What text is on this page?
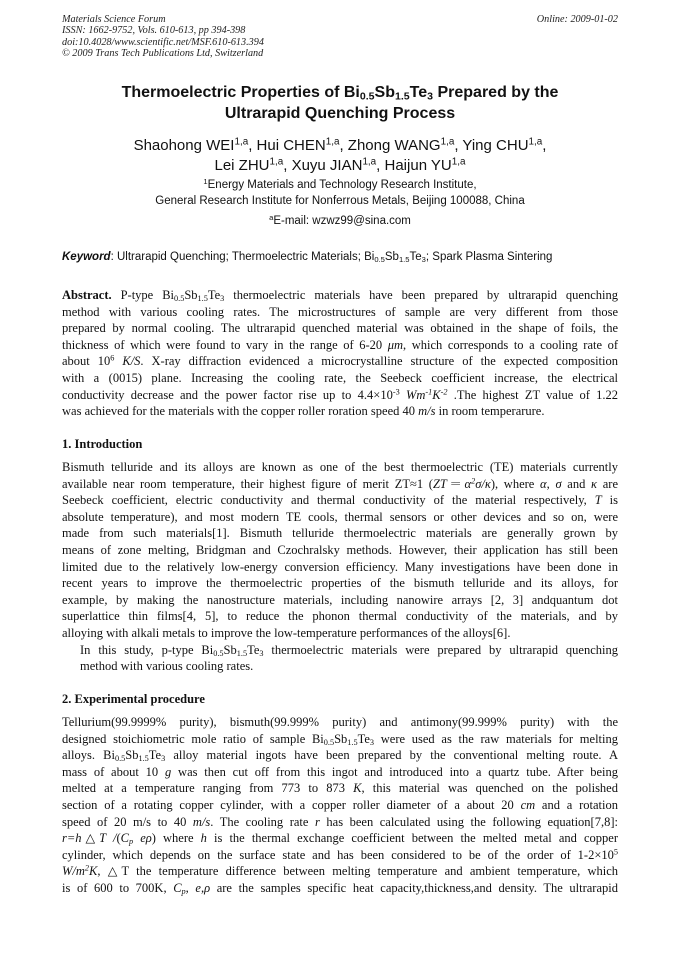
Materials Science Forum
ISSN: 1662-9752, Vols. 610-613, pp 394-398
doi:10.4028/www.scientific.net/MSF.610-613.394
© 2009 Trans Tech Publications Ltd, Switzerland
Online: 2009-01-02
Thermoelectric Properties of $Bi_{0.5}Sb_{1.5}Te_3$ Prepared by the
Ultrarapid Quenching Process
Shaohong WEI$^{1,a}$, Hui CHEN$^{1,a}$, Zhong WANG$^{1,a}$, Ying CHU$^{1,a}$,
Lei ZHU$^{1,a}$, Xuyu JIAN$^{1,a}$, Haijun YU$^{1,a}$
$^1$Energy Materials and Technology Research Institute,
General Research Institute for Nonferrous Metals, Beijing 100088, China
$^a$E-mail: wzwz99@sina.com
Keyword: Ultrarapid Quenching; Thermoelectric Materials; $Bi_{0.5}Sb_{1.5}Te_3$; Spark Plasma Sintering
Abstract. P-type $Bi_{0.5}Sb_{1.5}Te_3$ thermoelectric materials have been prepared by ultrarapid quenching
method with various cooling rates. The microstructures of sample are very different from those
prepared by normal cooling. The ultrarapid quenched material was obtained in the shape of foils, the
thickness of which were found to vary in the range of 6-20 μm, which corresponds to a cooling rate of
about $10^6$ K/S. X-ray diffraction evidenced a microcrystalline structure of the expected composition
with a (0015) plane. Increasing the cooling rate, the Seebeck coefficient increase, the electrical
conductivity decrease and the power factor rise up to $4.4\times 10^{-3}$ $Wm^{-1}K^{-2}$ .The highest ZT value of 1.22
was achieved for the materials with the copper roller roration speed 40 m/s in room temperarure.
1. Introduction
Bismuth telluride and its alloys are known as one of the best thermoelectric (TE) materials currently
available near room temperature, their highest figure of merit ZT≈1 $(ZT=\alpha^2\sigma/\kappa)$, where α, σ and κ are
Seebeck coefficient, electric conductivity and thermal conductivity of the material respectively, T is
absolute temperature), and most modern TE cools, thermal sensors or other devices and so on, were
made from such materials[1]. Bismuth telluride thermoelectric materials are generally grown by
means of zone melting, Bridgman and Czochralsky methods. However, their application has still been
limited due to the relatively low-energy conversion efficiency. Many investigations have been done in
recent years to improve the thermoelectric properties of the bismuth telluride and its alloys, for
example, by making the nanostructure materials, including nanowire arrays [2, 3] andquantum dot
superlattice thin films[4, 5], to reduce the phonon thermal conductivity of the materials, and by
alloying with alkali metals to improve the low-temperature performances of the alloys[6].
In this study, p-type $Bi_{0.5}Sb_{1.5}Te_3$ thermoelectric materials were prepared by ultrarapid quenching
method with various cooling rates.
2. Experimental procedure
Tellurium(99.9999% purity), bismuth(99.999% purity) and antimony(99.999% purity) with the
designed stoichiometric mole ratio of sample $Bi_{0.5}Sb_{1.5}Te_3$ were used as the raw materials for melting
alloys. $Bi_{0.5}Sb_{1.5}Te_3$ alloy material ingots have been prepared by the conventional melting route. A
mass of about 10 g was then cut off from this ingot and introduced into a quartz tube. After being
melted at a temperature ranging from 773 to 873 K, this material was quenched on the polished
section of a rotating copper cylinder, with a copper roller diameter of a about 20 cm and a rotation
speed of 20 m/s to 40 m/s. The cooling rate r has been calculated using the following equation[7,8]:
r=h△T $/(C_p$ eρ) where h is the thermal exchange coefficient between the melted metal and copper
cylinder, which depends on the surface state and has been considered to be of the order of $1-2\times 10^5$
$W/m^2K$, △T the temperature difference between melting temperature and ambient temperature, which
is of 600 to 700K, $C_p$, e,ρ are the samples specific heat capacity,thickness,and density. The ultrarapid
